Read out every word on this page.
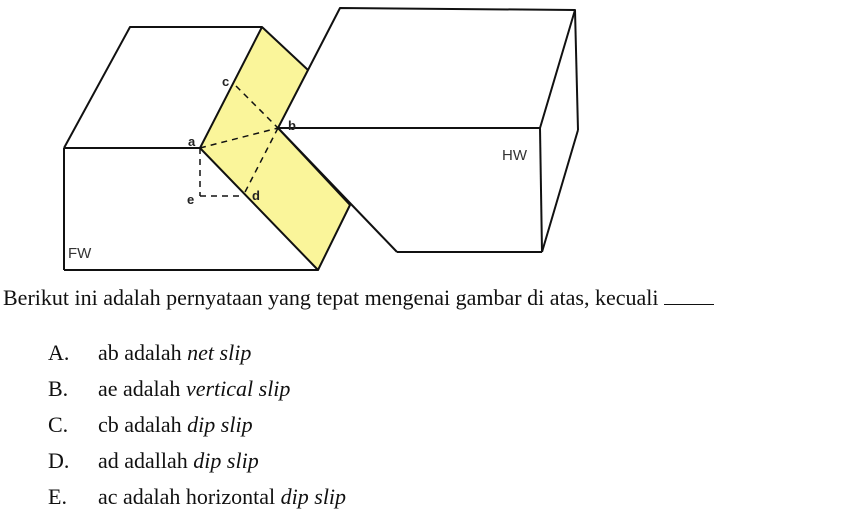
c
a
b
e	d
FW
HW
Berikut ini adalah pernyataan yang tepat mengenai gambar di atas, kecuali
A. ab adalah net slip
B. ae adalah vertical slip
C. cb adalah dip slip
D. ad adallah dip slip
E. ac adalah horizontal dip slip
